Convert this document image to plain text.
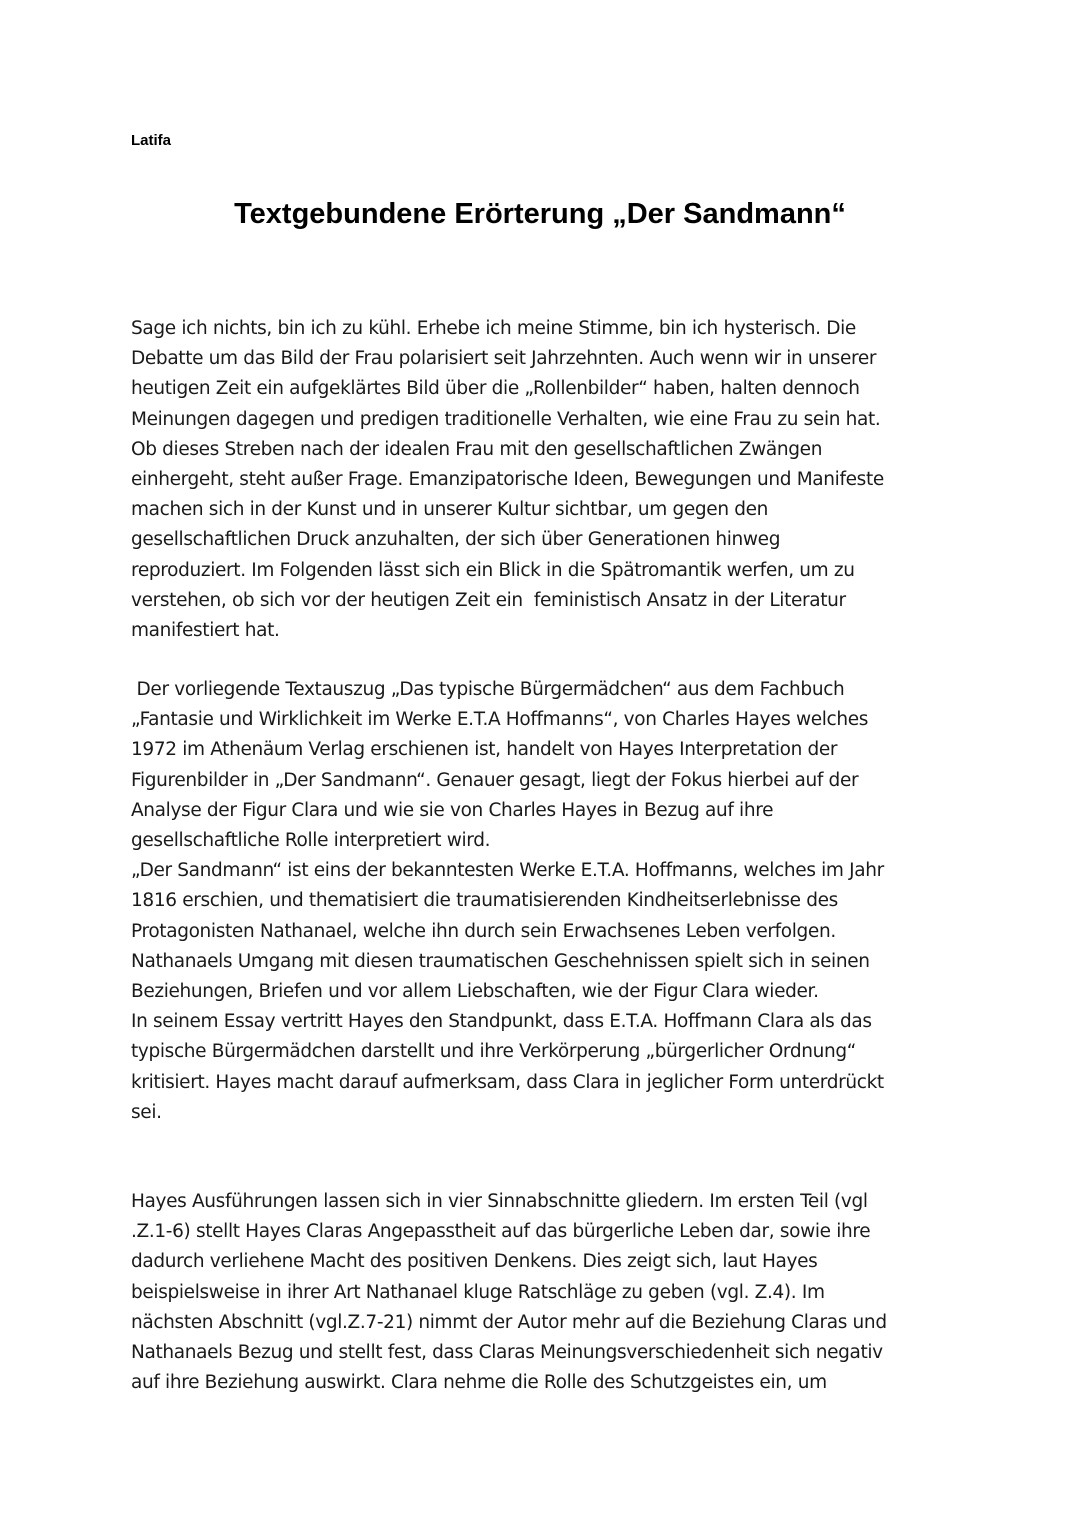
Latifa

Textgebundene Erörterung „Der Sandmann“

Sage ich nichts, bin ich zu kühl. Erhebe ich meine Stimme, bin ich hysterisch. Die
Debatte um das Bild der Frau polarisiert seit Jahrzehnten. Auch wenn wir in unserer
heutigen Zeit ein aufgeklärtes Bild über die „Rollenbilder“ haben, halten dennoch
Meinungen dagegen und predigen traditionelle Verhalten, wie eine Frau zu sein hat.
Ob dieses Streben nach der idealen Frau mit den gesellschaftlichen Zwängen
einhergeht, steht außer Frage. Emanzipatorische Ideen, Bewegungen und Manifeste
machen sich in der Kunst und in unserer Kultur sichtbar, um gegen den
gesellschaftlichen Druck anzuhalten, der sich über Generationen hinweg
reproduziert. Im Folgenden lässt sich ein Blick in die Spätromantik werfen, um zu
verstehen, ob sich vor der heutigen Zeit ein  feministisch Ansatz in der Literatur
manifestiert hat.

Der vorliegende Textauszug „Das typische Bürgermädchen“ aus dem Fachbuch
„Fantasie und Wirklichkeit im Werke E.T.A Hoffmanns“, von Charles Hayes welches
1972 im Athenäum Verlag erschienen ist, handelt von Hayes Interpretation der
Figurenbilder in „Der Sandmann“. Genauer gesagt, liegt der Fokus hierbei auf der
Analyse der Figur Clara und wie sie von Charles Hayes in Bezug auf ihre
gesellschaftliche Rolle interpretiert wird.
„Der Sandmann“ ist eins der bekanntesten Werke E.T.A. Hoffmanns, welches im Jahr
1816 erschien, und thematisiert die traumatisierenden Kindheitserlebnisse des
Protagonisten Nathanael, welche ihn durch sein Erwachsenes Leben verfolgen.
Nathanaels Umgang mit diesen traumatischen Geschehnissen spielt sich in seinen
Beziehungen, Briefen und vor allem Liebschaften, wie der Figur Clara wieder.
In seinem Essay vertritt Hayes den Standpunkt, dass E.T.A. Hoffmann Clara als das
typische Bürgermädchen darstellt und ihre Verkörperung „bürgerlicher Ordnung“
kritisiert. Hayes macht darauf aufmerksam, dass Clara in jeglicher Form unterdrückt
sei.

Hayes Ausführungen lassen sich in vier Sinnabschnitte gliedern. Im ersten Teil (vgl
.Z.1-6) stellt Hayes Claras Angepasstheit auf das bürgerliche Leben dar, sowie ihre
dadurch verliehene Macht des positiven Denkens. Dies zeigt sich, laut Hayes
beispielsweise in ihrer Art Nathanael kluge Ratschläge zu geben (vgl. Z.4). Im
nächsten Abschnitt (vgl.Z.7-21) nimmt der Autor mehr auf die Beziehung Claras und
Nathanaels Bezug und stellt fest, dass Claras Meinungsverschiedenheit sich negativ
auf ihre Beziehung auswirkt. Clara nehme die Rolle des Schutzgeistes ein, um
